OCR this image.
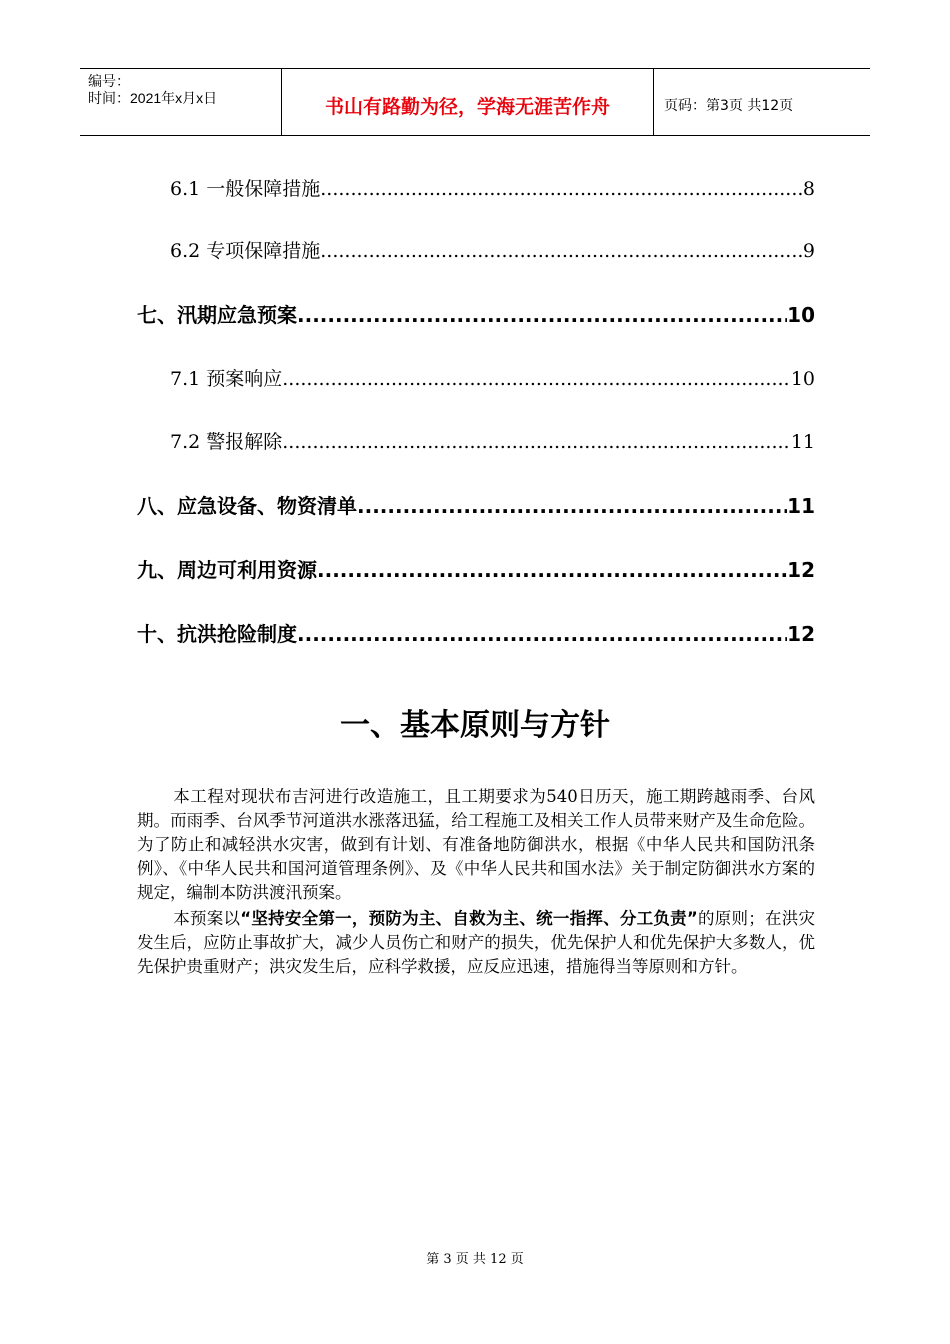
编号：
时间：2021年x月x日	书山有路勤为径，学海无涯苦作舟	页码：第3页 共12页
6.1 一般保障措施 .....	8
6.2 专项保障措施 .....	9
七、汛期应急预案 .....	10
7.1 预案响应 .....	10
7.2 警报解除 .....	11
八、应急设备、物资清单 .....	11
九、周边可利用资源 .....	12
十、抗洪抢险制度 .....	12
一、基本原则与方针
本工程对现状布吉河进行改造施工，且工期要求为540日历天，施工期跨越雨季、台风期。而雨季、台风季节河道洪水涨落迅猛，给工程施工及相关工作人员带来财产及生命危险。为了防止和减轻洪水灾害，做到有计划、有准备地防御洪水，根据《中华人民共和国防汛条例》、《中华人民共和国河道管理条例》、及《中华人民共和国水法》关于制定防御洪水方案的规定，编制本防洪渡汛预案。
本预案以“坚持安全第一，预防为主、自救为主、统一指挥、分工负责”的原则；在洪灾发生后，应防止事故扩大，减少人员伤亡和财产的损失，优先保护人和优先保护大多数人，优先保护贵重财产；洪灾发生后，应科学救援，应反应迅速，措施得当等原则和方针。
第 3 页 共 12 页
